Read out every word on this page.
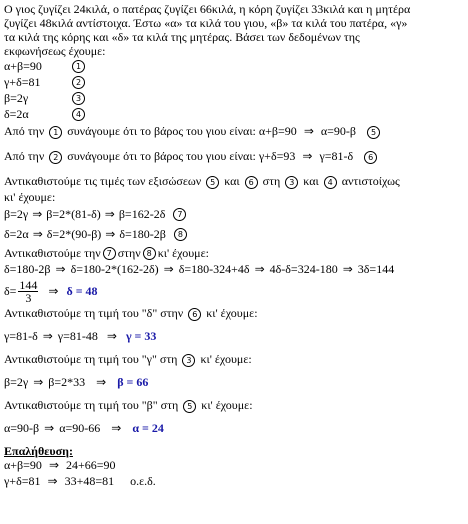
Ο γιος ζυγίζει 24κιλά, ο πατέρας ζυγίζει 66κιλά, η κόρη ζυγίζει 33κιλά και η μητέρα
ζυγίζει 48κιλά αντίστοιχα. Έστω «α» τα κιλά του γιου, «β» τα κιλά του πατέρα, «γ»
τα κιλά της κόρης και «δ» τα κιλά της μητέρας. Βάσει των δεδομένων της
εκφωνήσεως έχουμε:
α+β=90	1
γ+δ=81	2
β=2γ	3
δ=2α	4
Από την 1 συνάγουμε ότι το βάρος του γιου είναι: α+β=90 ⇒ α=90-β 5
Από την 2 συνάγουμε ότι το βάρος του γιου είναι: γ+δ=93 ⇒ γ=81-δ 6
Αντικαθιστούμε τις τιμές των εξισώσεων 5 και 6 στη 3 και 4 αντιστοίχως
κι' έχουμε:
β=2γ ⇒ β=2*(81-δ) ⇒ β=162-2δ	7
δ=2α ⇒ δ=2*(90-β) ⇒ δ=180-2β	8
Αντικαθιστούμε την 7 στην 8 κι' έχουμε:
δ=180-2β ⇒ δ=180-2*(162-2δ) ⇒ δ=180-324+4δ ⇒ 4δ-δ=324-180 ⇒ 3δ=144
$\delta= \frac{144}{3}$ ⇒ δ = 48
Αντικαθιστούμε τη τιμή του "δ" στην 6 κι' έχουμε:
γ=81-δ ⇒ γ=81-48 ⇒ γ = 33
Αντικαθιστούμε τη τιμή του "γ" στη 3 κι' έχουμε:
β=2γ ⇒ β=2*33 ⇒ β = 66
Αντικαθιστούμε τη τιμή του "β" στη 5 κι' έχουμε:
α=90-β ⇒ α=90-66 ⇒ α = 24
Επαλήθευση:
α+β=90 ⇒ 24+66=90
γ+δ=81 ⇒ 33+48=81 ο.ε.δ.
